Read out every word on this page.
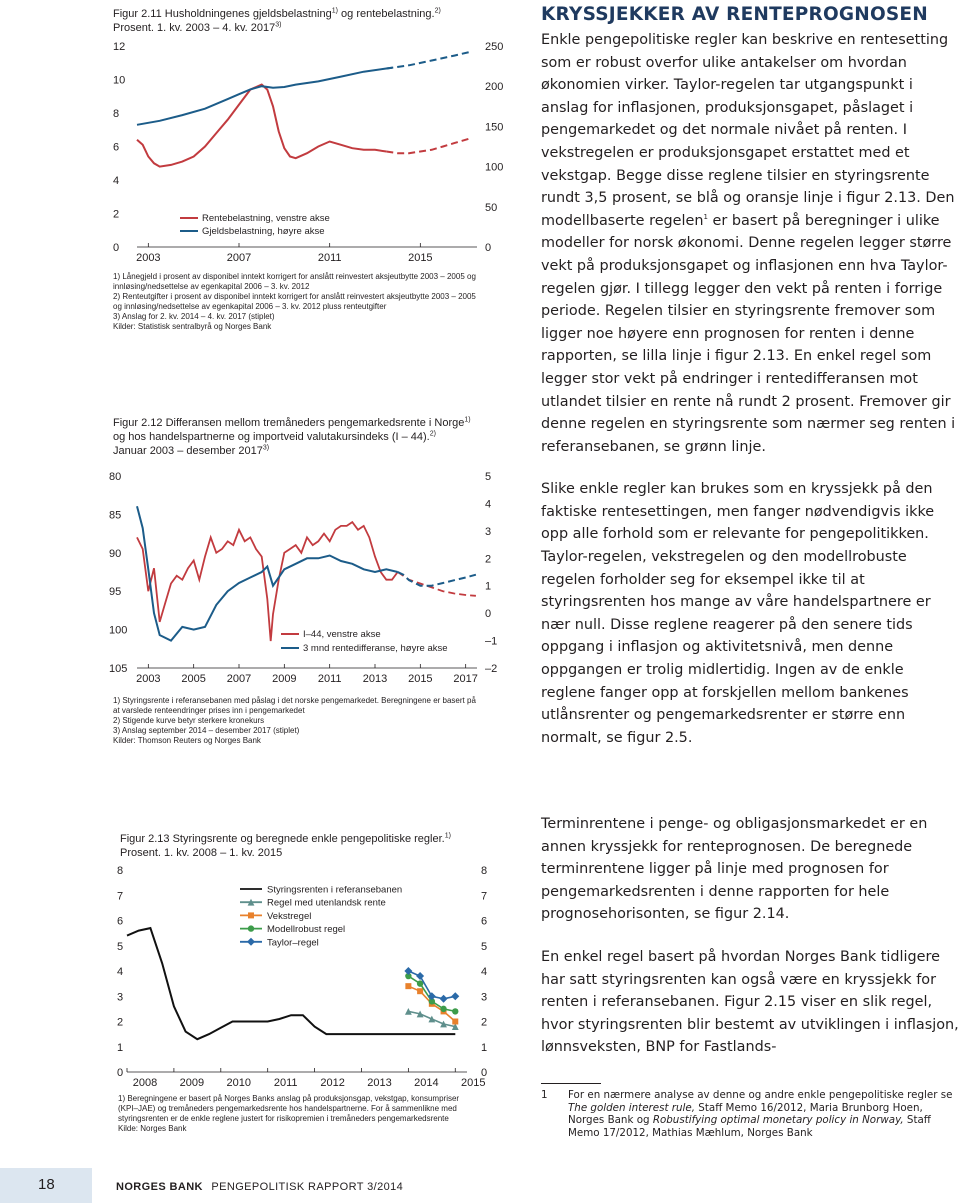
Figur 2.11 Husholdningenes gjeldsbelastning$^{1)}$ og rentebelastning.$^{2)}$

Prosent. 1. kv. 2003 – 4. kv. 2017$^{3)}$

0
2
4
6
8
10
12
0
50
100
150
200
250
2003	2007	2011	2015
Rentebelastning, venstre akse
Gjeldsbelastning, høyre akse

1) Lånegjeld i prosent av disponibel inntekt korrigert for anslått reinvestert aksjeutbytte 2003 – 2005 og innløsing/nedsettelse av egenkapital 2006 – 3. kv. 2012

2) Renteutgifter i prosent av disponibel inntekt korrigert for anslått reinvestert aksjeutbytte 2003 – 2005 og innløsing/nedsettelse av egenkapital 2006 – 3. kv. 2012 pluss renteutgifter

3) Anslag for 2. kv. 2014 – 4. kv. 2017 (stiplet)

Kilder: Statistisk sentralbyrå og Norges Bank

Figur 2.12 Differansen mellom tremåneders pengemarkedsrente i Norge$^{1)}$

og hos handelspartnerne og importveid valutakursindeks (I – 44).$^{2)}$

Januar 2003 – desember 2017$^{3)}$

80
85
90
95
100
105
5
4
3
2
1
0
–1
–2
2003 2005 2007 2009 2011 2013 2015 2017
I–44, venstre akse
3 mnd rentedifferanse, høyre akse

1) Styringsrente i referansebanen med påslag i det norske pengemarkedet. Beregningene er basert på at varslede renteendringer prises inn i pengemarkedet

2) Stigende kurve betyr sterkere kronekurs

3) Anslag september 2014 – desember 2017 (stiplet)

Kilder: Thomson Reuters og Norges Bank

Figur 2.13 Styringsrente og beregnede enkle pengepolitiske regler.$^{1)}$

Prosent. 1. kv. 2008 – 1. kv. 2015

0
1
2
3
4
5
6
7
8
0
1
2
3
4
5
6
7
8
2008 2009 2010 2011 2012 2013 2014 2015
Styringsrenten i referansebanen
Regel med utenlandsk rente
Vekstregel
Modellrobust regel
Taylor–regel

1) Beregningene er basert på Norges Banks anslag på produksjonsgap, vekstgap, konsumpriser (KPI–JAE) og tremåneders pengemarkedsrente hos handelspartnerne. For å sammenlikne med styringsrenten er de enkle reglene justert for risikopremien i tremåneders pengemarkedsrente

Kilde: Norges Bank

KRYSSJEKKER AV RENTEPROGNOSEN

Enkle pengepolitiske regler kan beskrive en rentesetting som er robust overfor ulike antakelser om hvordan økonomien virker. Taylor-regelen tar utgangspunkt i anslag for inflasjonen, produksjonsgapet, påslaget i pengemarkedet og det normale nivået på renten. I vekstregelen er produksjonsgapet erstattet med et vekstgap. Begge disse reglene tilsier en styringsrente rundt 3,5 prosent, se blå og oransje linje i figur 2.13. Den modellbaserte regelen$^1$ er basert på beregninger i ulike modeller for norsk økonomi. Denne regelen legger større vekt på produksjonsgapet og inflasjonen enn hva Taylor-regelen gjør. I tillegg legger den vekt på renten i forrige periode. Regelen tilsier en styringsrente fremover som ligger noe høyere enn prognosen for renten i denne rapporten, se lilla linje i figur 2.13. En enkel regel som legger stor vekt på endringer i rentedifferansen mot utlandet tilsier en rente nå rundt 2 prosent. Fremover gir denne regelen en styringsrente som nærmer seg renten i referansebanen, se grønn linje.

Slike enkle regler kan brukes som en kryssjekk på den faktiske rentesettingen, men fanger nødvendigvis ikke opp alle forhold som er relevante for pengepolitikken. Taylor-regelen, vekstregelen og den modellrobuste regelen forholder seg for eksempel ikke til at styringsrenten hos mange av våre handelspartnere er nær null. Disse reglene reagerer på den senere tids oppgang i inflasjon og aktivitetsnivå, men denne oppgangen er trolig midlertidig. Ingen av de enkle reglene fanger opp at forskjellen mellom bankenes utlånsrenter og pengemarkedsrenter er større enn normalt, se figur 2.5.

Terminrentene i penge- og obligasjonsmarkedet er en annen kryssjekk for renteprognosen. De beregnede terminrentene ligger på linje med prognosen for pengemarkedsrenten i denne rapporten for hele prognosehorisonten, se figur 2.14.

En enkel regel basert på hvordan Norges Bank tidligere har satt styringsrenten kan også være en kryssjekk for renten i referansebanen. Figur 2.15 viser en slik regel, hvor styringsrenten blir bestemt av utviklingen i inflasjon, lønnsveksten, BNP for Fastlands-

1 For en nærmere analyse av denne og andre enkle pengepolitiske regler se The golden interest rule, Staff Memo 16/2012, Maria Brunborg Hoen, Norges Bank og Robustifying optimal monetary policy in Norway, Staff Memo 17/2012, Mathias Mæhlum, Norges Bank
18	NORGES BANK PENGEPOLITISK RAPPORT 3/2014
